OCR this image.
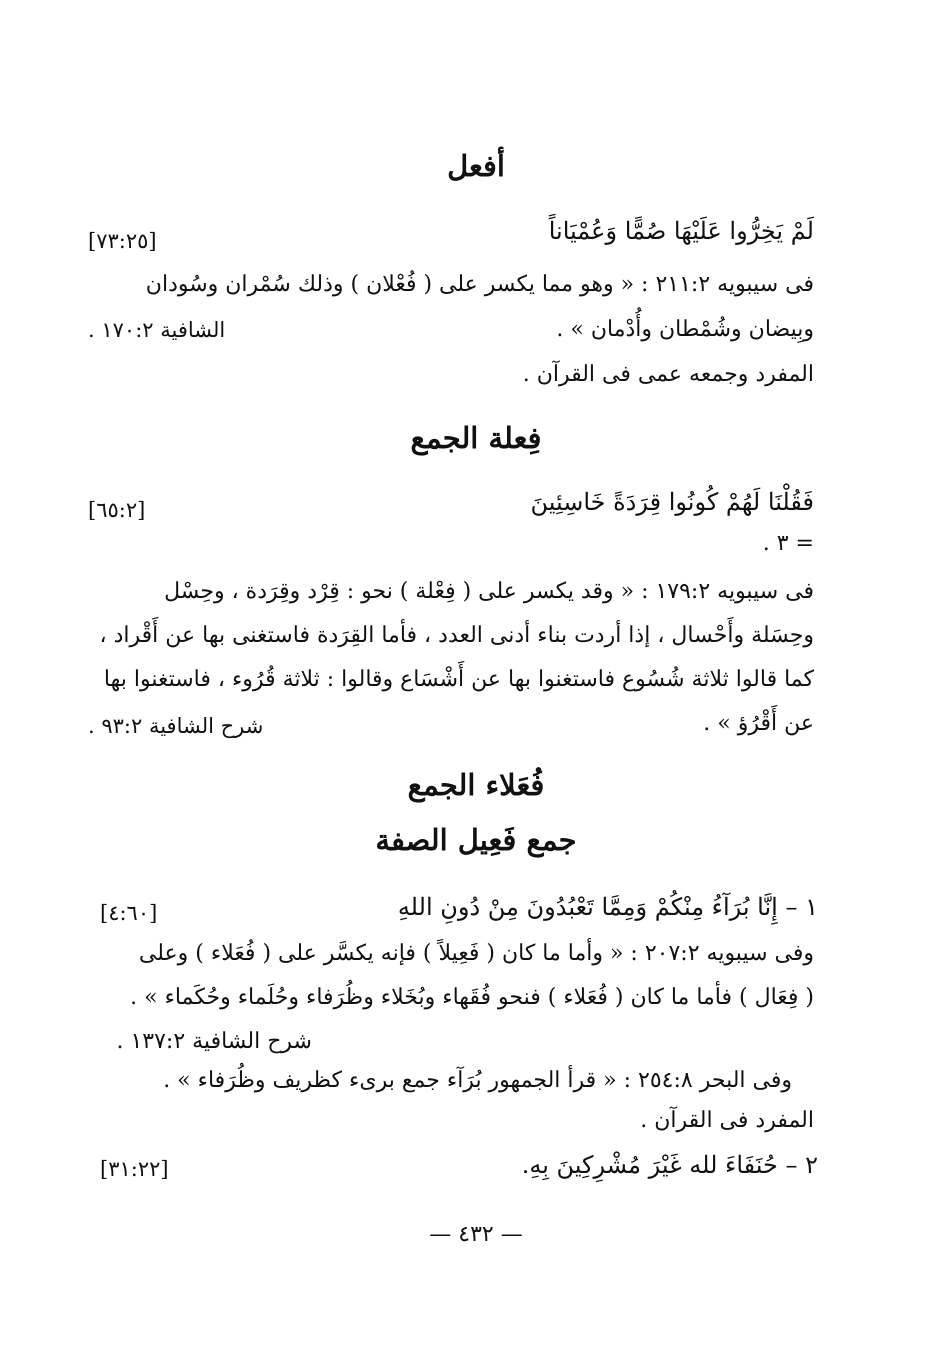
أفعل
لَمْ يَخِرُّوا عَلَيْهَا صُمًّا وَعُمْيَاناً
[٧٣:٢٥]
فى سيبويه ٢١١:٢ : « وهو مما يكسر على ( فُعْلان ) وذلك سُمْران وسُودان
وبِيضان وشُمْطان وأُدْمان » .
الشافية ١٧٠:٢ .
المفرد وجمعه عمى فى القرآن .
فِعلة الجمع
فَقُلْنَا لَهُمْ كُونُوا قِرَدَةً خَاسِئِينَ
[٦٥:٢]
= ٣ .
فى سيبويه ١٧٩:٢ : « وقد يكسر على ( فِعْلة ) نحو : قِرْد وقِرَدة ، وحِسْل
وحِسَلة وأَحْسال ، إذا أردت بناء أدنى العدد ، فأما القِرَدة فاستغنى بها عن أَقْراد ،
كما قالوا ثلاثة شُسُوع فاستغنوا بها عن أَشْسَاع وقالوا : ثلاثة قُرُوء ، فاستغنوا بها
عن أَقْرُؤ » .
شرح الشافية ٩٣:٢ .
فُعَلاء الجمع
جمع فَعِيل الصفة
١ – إِنَّا بُرَآءُ مِنْكُمْ وَمِمَّا تَعْبُدُونَ مِنْ دُونِ اللهِ
[٤:٦٠]
وفى سيبويه ٢٠٧:٢ : « وأما ما كان ( فَعِيلاً ) فإنه يكسَّر على ( فُعَلاء ) وعلى
( فِعَال ) فأما ما كان ( فُعَلاء ) فنحو فُقَهاء وبُخَلاء وظُرَفاء وحُلَماء وحُكَماء » .
شرح الشافية ١٣٧:٢ .
وفى البحر ٢٥٤:٨ : « قرأ الجمهور بُرَآء جمع برىء كظريف وظُرَفاء » .
المفرد فى القرآن .
٢ – حُنَفَاءَ لله غَيْرَ مُشْرِكِينَ بِهِ.
[٣١:٢٢]
— ٤٣٢ —
